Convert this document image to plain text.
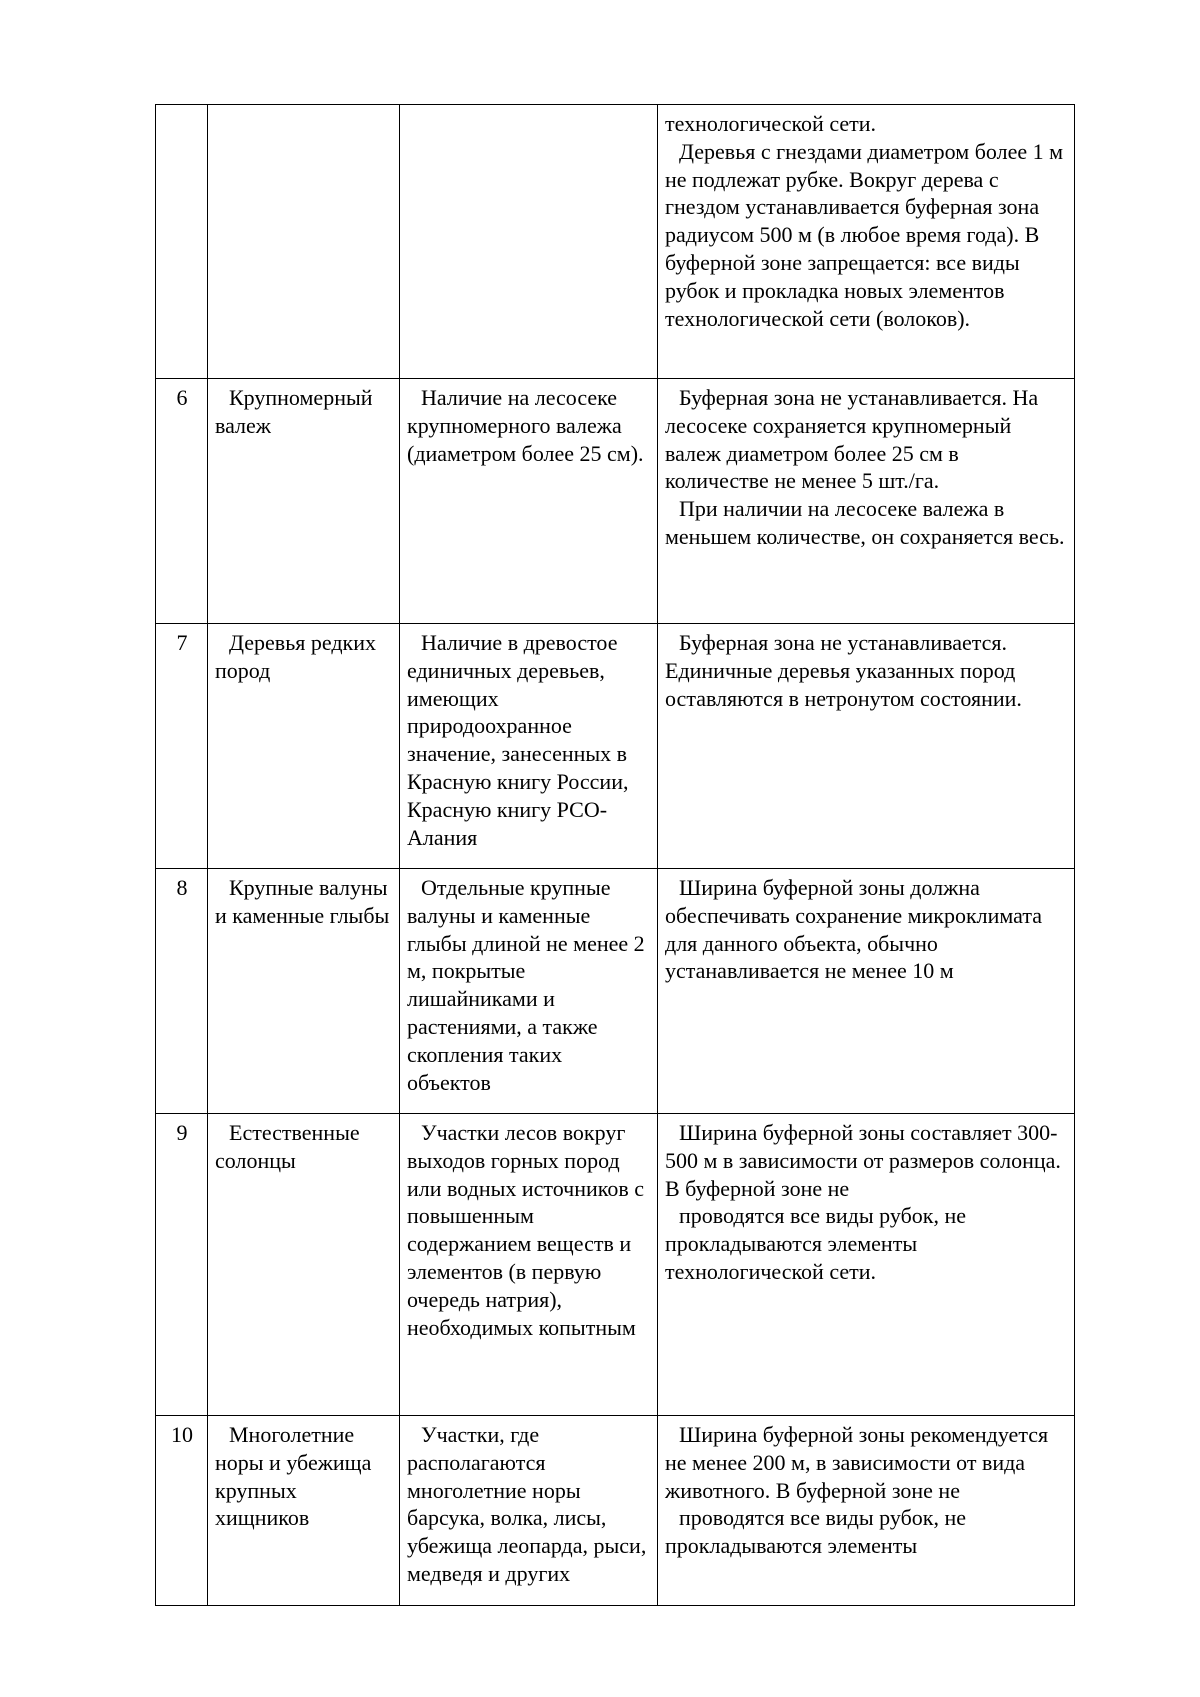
			технологической сети.
Деревья с гнездами диаметром более 1 м не подлежат рубке. Вокруг дерева с гнездом устанавливается буферная зона радиусом 500 м (в любое время года). В буферной зоне запрещается: все виды рубок и прокладка новых элементов технологической сети (волоков).

6	Крупномерный валеж	Наличие на лесосеке крупномерного валежа (диаметром более 25 см).	Буферная зона не устанавливается. На лесосеке сохраняется крупномерный валеж диаметром более 25 см в количестве не менее 5 шт./га.
При наличии на лесосеке валежа в меньшем количестве, он сохраняется весь.

7	Деревья редких пород	Наличие в древостое единичных деревьев, имеющих природоохранное значение, занесенных в Красную книгу России, Красную книгу РСО-Алания	Буферная зона не устанавливается. Единичные деревья указанных пород оставляются в нетронутом состоянии.

8	Крупные валуны и каменные глыбы	Отдельные крупные валуны и каменные глыбы длиной не менее 2 м, покрытые лишайниками и растениями, а также скопления таких объектов	Ширина буферной зоны должна обеспечивать сохранение микроклимата для данного объекта, обычно устанавливается не менее 10 м

9	Естественные солонцы	Участки лесов вокруг выходов горных пород или водных источников с повышенным содержанием веществ и элементов (в первую очередь натрия), необходимых копытным	Ширина буферной зоны составляет 300-500 м в зависимости от размеров солонца. В буферной зоне не
проводятся все виды рубок, не прокладываются элементы технологической сети.

10	Многолетние норы и убежища крупных хищников	Участки, где располагаются многолетние норы барсука, волка, лисы, убежища леопарда, рыси, медведя и других	Ширина буферной зоны рекомендуется не менее 200 м, в зависимости от вида животного. В буферной зоне не
проводятся все виды рубок, не прокладываются элементы
